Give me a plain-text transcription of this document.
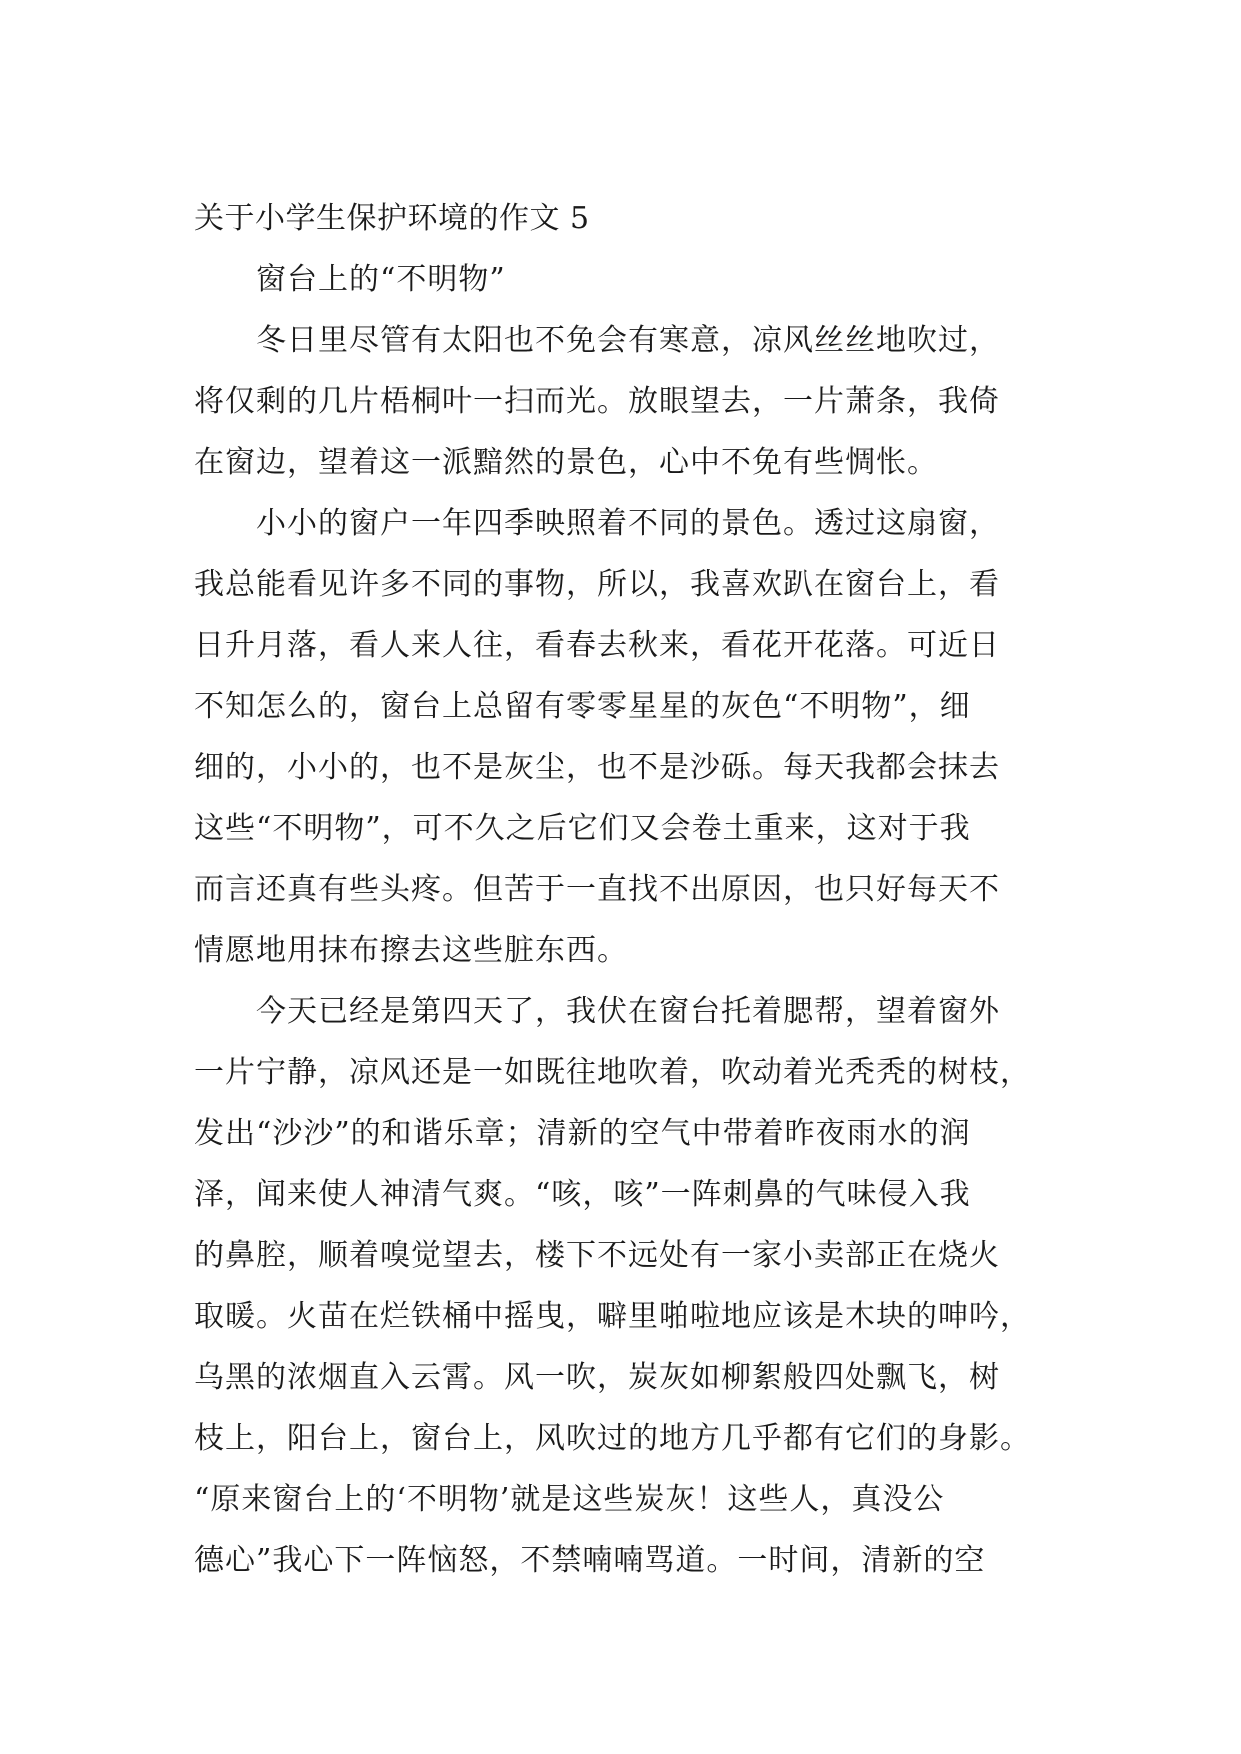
关于小学生保护环境的作文 5
窗台上的“不明物”
冬日里尽管有太阳也不免会有寒意，凉风丝丝地吹过，
将仅剩的几片梧桐叶一扫而光。放眼望去，一片萧条，我倚
在窗边，望着这一派黯然的景色，心中不免有些惆怅。
小小的窗户一年四季映照着不同的景色。透过这扇窗，
我总能看见许多不同的事物，所以，我喜欢趴在窗台上，看
日升月落，看人来人往，看春去秋来，看花开花落。可近日
不知怎么的，窗台上总留有零零星星的灰色“不明物”，细
细的，小小的，也不是灰尘，也不是沙砾。每天我都会抹去
这些“不明物”，可不久之后它们又会卷土重来，这对于我
而言还真有些头疼。但苦于一直找不出原因，也只好每天不
情愿地用抹布擦去这些脏东西。
今天已经是第四天了，我伏在窗台托着腮帮，望着窗外
一片宁静，凉风还是一如既往地吹着，吹动着光秃秃的树枝，
发出“沙沙”的和谐乐章；清新的空气中带着昨夜雨水的润
泽，闻来使人神清气爽。“咳，咳”一阵刺鼻的气味侵入我
的鼻腔，顺着嗅觉望去，楼下不远处有一家小卖部正在烧火
取暖。火苗在烂铁桶中摇曳，噼里啪啦地应该是木块的呻吟，
乌黑的浓烟直入云霄。风一吹，炭灰如柳絮般四处飘飞，树
枝上，阳台上，窗台上，风吹过的地方几乎都有它们的身影。
“原来窗台上的‘不明物’就是这些炭灰！这些人，真没公
德心”我心下一阵恼怒，不禁喃喃骂道。一时间，清新的空
